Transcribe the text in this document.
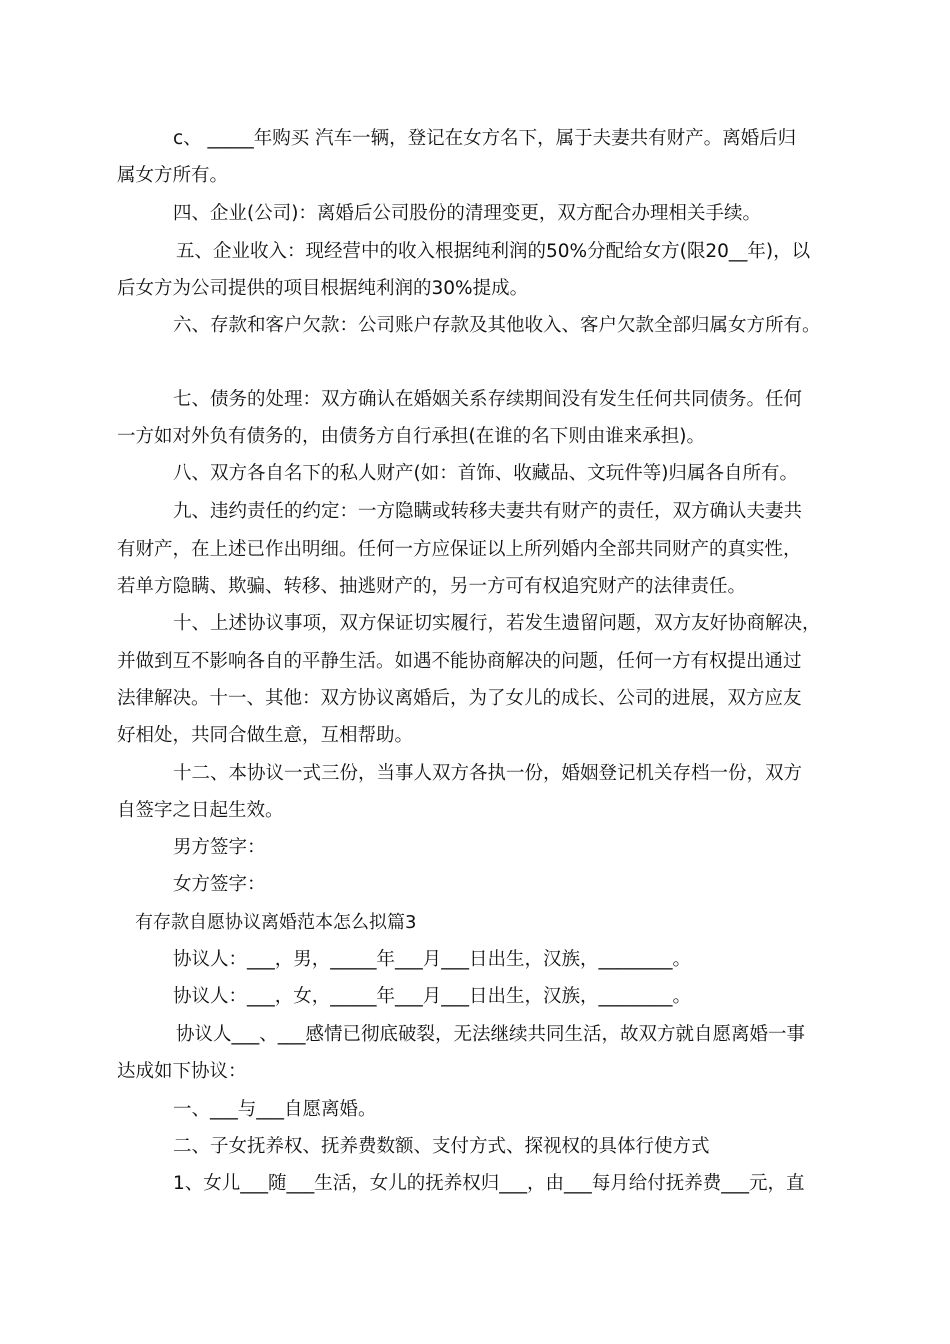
c、 _____年购买 汽车一辆，登记在女方名下，属于夫妻共有财产。离婚后归
属女方所有。
四、企业(公司)：离婚后公司股份的清理变更，双方配合办理相关手续。
五、企业收入：现经营中的收入根据纯利润的50%分配给女方(限20__年)，以
后女方为公司提供的项目根据纯利润的30%提成。
六、存款和客户欠款：公司账户存款及其他收入、客户欠款全部归属女方所有。
七、债务的处理：双方确认在婚姻关系存续期间没有发生任何共同债务。任何
一方如对外负有债务的，由债务方自行承担(在谁的名下则由谁来承担)。
八、双方各自名下的私人财产(如：首饰、收藏品、文玩件等)归属各自所有。
九、违约责任的约定：一方隐瞒或转移夫妻共有财产的责任，双方确认夫妻共
有财产，在上述已作出明细。任何一方应保证以上所列婚内全部共同财产的真实性，
若单方隐瞒、欺骗、转移、抽逃财产的，另一方可有权追究财产的法律责任。
十、上述协议事项，双方保证切实履行，若发生遗留问题，双方友好协商解决，
并做到互不影响各自的平静生活。如遇不能协商解决的问题，任何一方有权提出通过
法律解决。十一、其他：双方协议离婚后，为了女儿的成长、公司的进展，双方应友
好相处，共同合做生意，互相帮助。
十二、本协议一式三份，当事人双方各执一份，婚姻登记机关存档一份，双方
自签字之日起生效。
男方签字：
女方签字：
有存款自愿协议离婚范本怎么拟篇3
协议人：___，男，_____年___月___日出生，汉族，________。
协议人：___，女，_____年___月___日出生，汉族，________。
协议人___、___感情已彻底破裂，无法继续共同生活，故双方就自愿离婚一事
达成如下协议：
一、___与___自愿离婚。
二、子女抚养权、抚养费数额、支付方式、探视权的具体行使方式
1、女儿___随___生活，女儿的抚养权归___，由___每月给付抚养费___元，直
